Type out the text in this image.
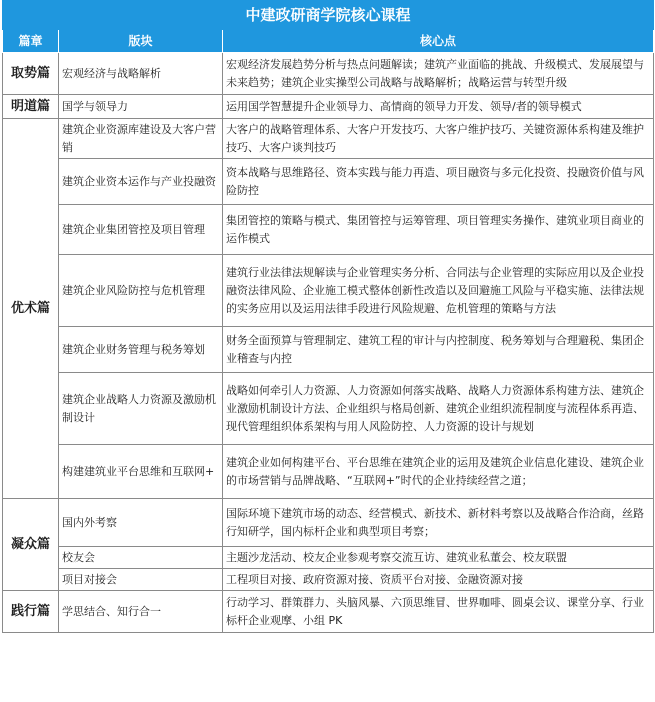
中建政研商学院核心课程		
篇章	版块	核心点
取势篇	宏观经济与战略解析	宏观经济发展趋势分析与热点问题解读；建筑产业面临的挑战、升级模式、发展展望与未来趋势；建筑企业实操型公司战略与战略解析；战略运营与转型升级
明道篇	国学与领导力	运用国学智慧提升企业领导力、高情商的领导力开发、领导/者的领导模式
优术篇	建筑企业资源库建设及大客户营销	大客户的战略管理体系、大客户开发技巧、大客户维护技巧、关键资源体系构建及维护技巧、大客户谈判技巧
	建筑企业资本运作与产业投融资	资本战略与思维路径、资本实践与能力再造、项目融资与多元化投资、投融资价值与风险防控
	建筑企业集团管控及项目管理	集团管控的策略与模式、集团管控与运筹管理、项目管理实务操作、建筑业项目商业的运作模式
	建筑企业风险防控与危机管理	建筑行业法律法规解读与企业管理实务分析、合同法与企业管理的实际应用以及企业投融资法律风险、企业施工模式整体创新性改造以及回避施工风险与平稳实施、法律法规的实务应用以及运用法律手段进行风险规避、危机管理的策略与方法
	建筑企业财务管理与税务筹划	财务全面预算与管理制定、建筑工程的审计与内控制度、税务筹划与合理避税、集团企业稽查与内控
	建筑企业战略人力资源及激励机制设计	战略如何牵引人力资源、人力资源如何落实战略、战略人力资源体系构建方法、建筑企业激励机制设计方法、企业组织与格局创新、建筑企业组织流程制度与流程体系再造、现代管理组织体系架构与用人风险防控、人力资源的设计与规划
	构建建筑业平台思维和互联网+	建筑企业如何构建平台、平台思维在建筑企业的运用及建筑企业信息化建设、建筑企业的市场营销与品牌战略、“互联网+”时代的企业持续经营之道；
凝众篇	国内外考察	国际环境下建筑市场的动态、经营模式、新技术、新材料考察以及战略合作洽商，丝路行知研学，国内标杆企业和典型项目考察；
	校友会	主题沙龙活动、校友企业参观考察交流互访、建筑业私董会、校友联盟
	项目对接会	工程项目对接、政府资源对接、资质平台对接、金融资源对接
践行篇	学思结合、知行合一	行动学习、群策群力、头脑风暴、六顶思维冒、世界咖啡、圆桌会议、课堂分享、行业标杆企业观摩、小组 PK
